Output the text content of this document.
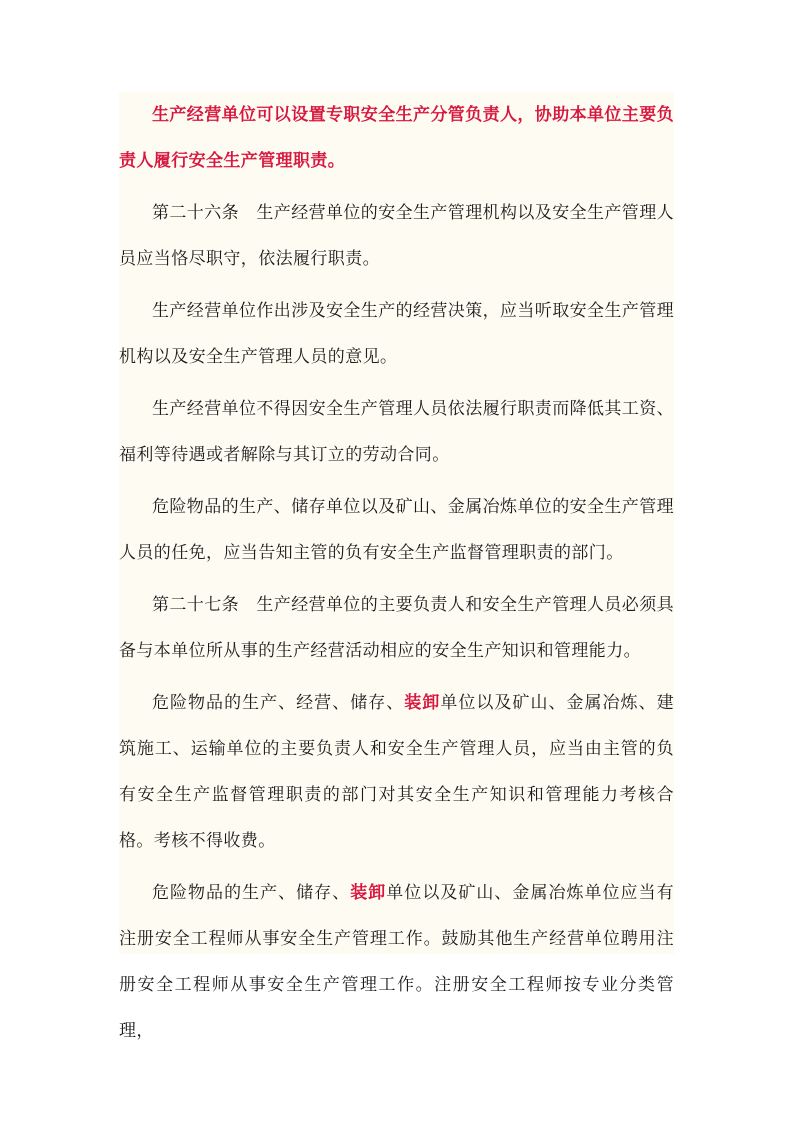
生产经营单位可以设置专职安全生产分管负责人，协助本单位主要负责人履行安全生产管理职责。

第二十六条　生产经营单位的安全生产管理机构以及安全生产管理人员应当恪尽职守，依法履行职责。

生产经营单位作出涉及安全生产的经营决策，应当听取安全生产管理机构以及安全生产管理人员的意见。

生产经营单位不得因安全生产管理人员依法履行职责而降低其工资、福利等待遇或者解除与其订立的劳动合同。

危险物品的生产、储存单位以及矿山、金属冶炼单位的安全生产管理人员的任免，应当告知主管的负有安全生产监督管理职责的部门。

第二十七条　生产经营单位的主要负责人和安全生产管理人员必须具备与本单位所从事的生产经营活动相应的安全生产知识和管理能力。

危险物品的生产、经营、储存、装卸单位以及矿山、金属冶炼、建筑施工、运输单位的主要负责人和安全生产管理人员，应当由主管的负有安全生产监督管理职责的部门对其安全生产知识和管理能力考核合格。考核不得收费。

危险物品的生产、储存、装卸单位以及矿山、金属冶炼单位应当有注册安全工程师从事安全生产管理工作。鼓励其他生产经营单位聘用注册安全工程师从事安全生产管理工作。注册安全工程师按专业分类管理，
